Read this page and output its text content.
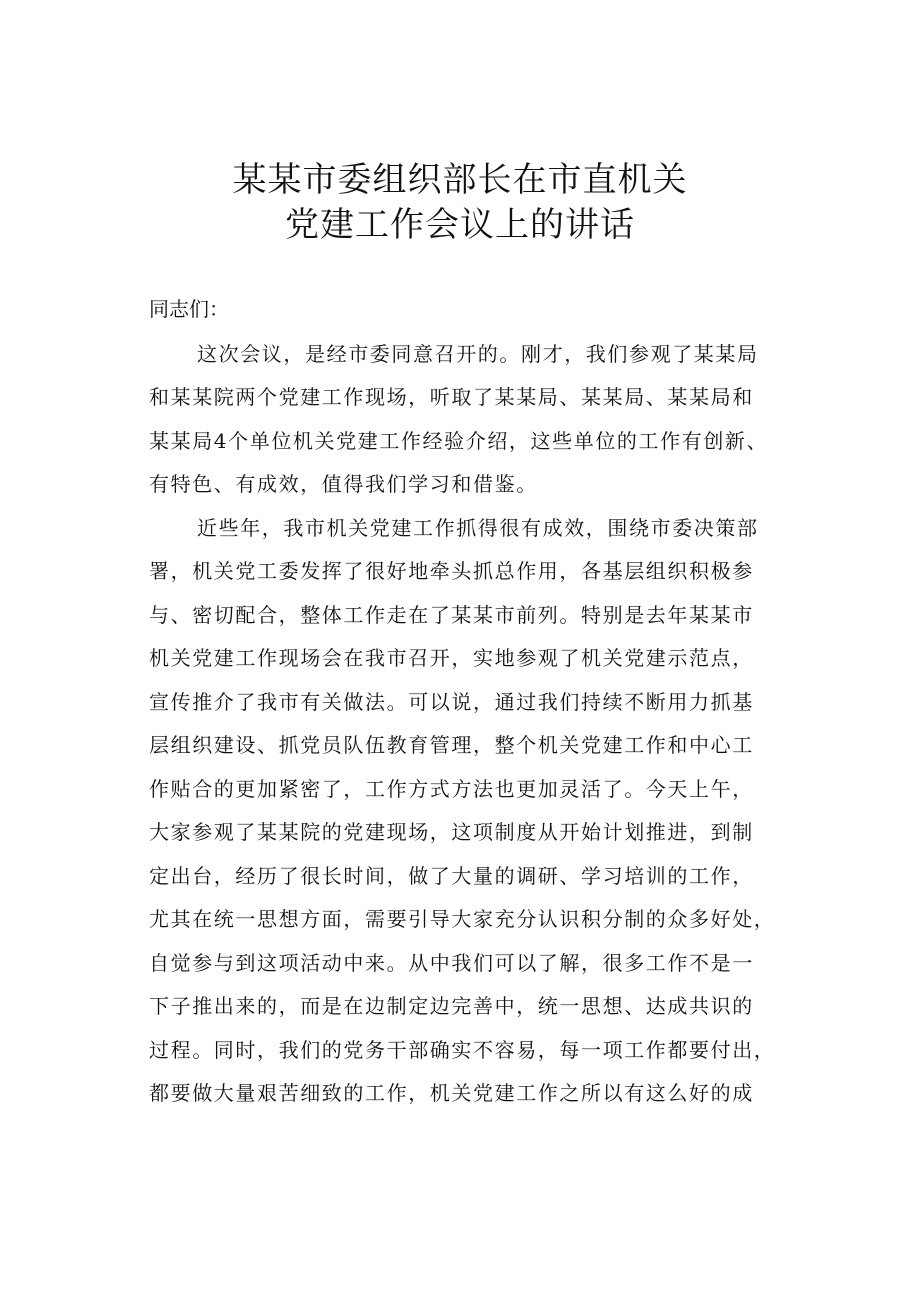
某某市委组织部长在市直机关
党建工作会议上的讲话
同志们：
这次会议，是经市委同意召开的。刚才，我们参观了某某局
和某某院两个党建工作现场，听取了某某局、某某局、某某局和
某某局4个单位机关党建工作经验介绍，这些单位的工作有创新、
有特色、有成效，值得我们学习和借鉴。
近些年，我市机关党建工作抓得很有成效，围绕市委决策部
署，机关党工委发挥了很好地牵头抓总作用，各基层组织积极参
与、密切配合，整体工作走在了某某市前列。特别是去年某某市
机关党建工作现场会在我市召开，实地参观了机关党建示范点，
宣传推介了我市有关做法。可以说，通过我们持续不断用力抓基
层组织建设、抓党员队伍教育管理，整个机关党建工作和中心工
作贴合的更加紧密了，工作方式方法也更加灵活了。今天上午，
大家参观了某某院的党建现场，这项制度从开始计划推进，到制
定出台，经历了很长时间，做了大量的调研、学习培训的工作，
尤其在统一思想方面，需要引导大家充分认识积分制的众多好处，
自觉参与到这项活动中来。从中我们可以了解，很多工作不是一
下子推出来的，而是在边制定边完善中，统一思想、达成共识的
过程。同时，我们的党务干部确实不容易，每一项工作都要付出，
都要做大量艰苦细致的工作，机关党建工作之所以有这么好的成
